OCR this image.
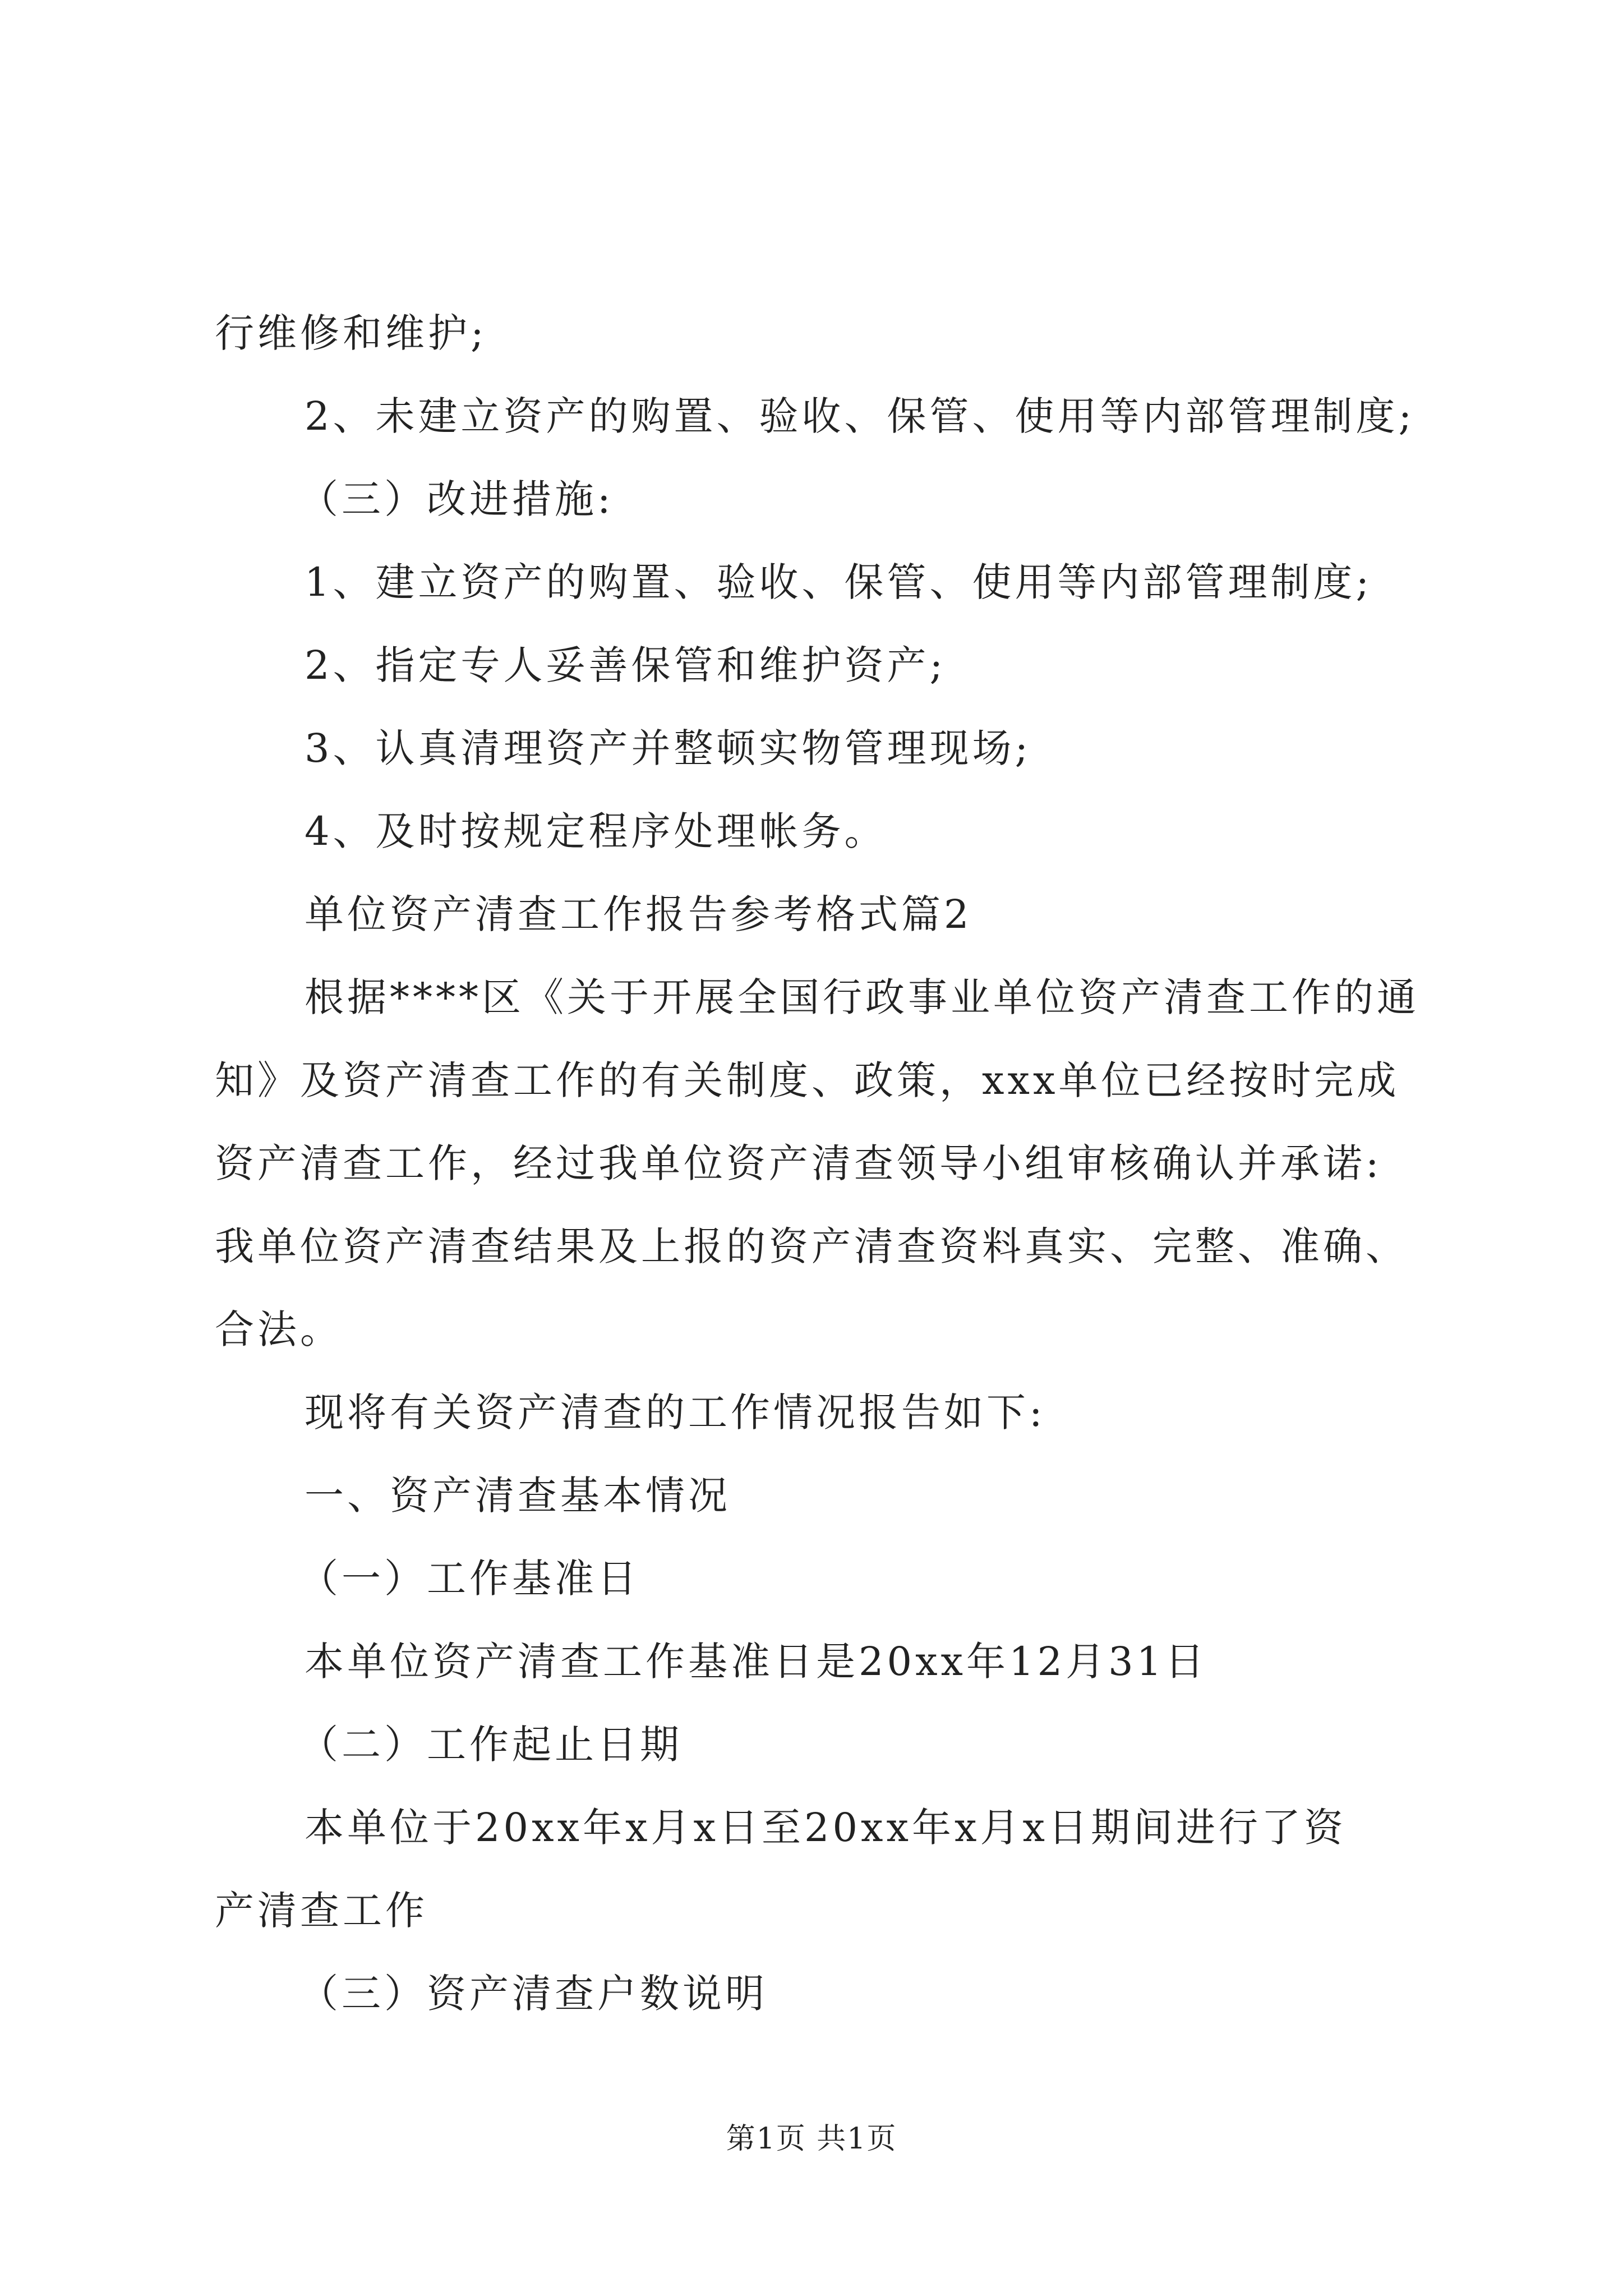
行维修和维护;
2、未建立资产的购置、验收、保管、使用等内部管理制度;
（三）改进措施:
1、建立资产的购置、验收、保管、使用等内部管理制度;
2、指定专人妥善保管和维护资产;
3、认真清理资产并整顿实物管理现场;
4、及时按规定程序处理帐务。
单位资产清查工作报告参考格式篇2
根据****区《关于开展全国行政事业单位资产清查工作的通
知》及资产清查工作的有关制度、政策，xxx单位已经按时完成
资产清查工作，经过我单位资产清查领导小组审核确认并承诺:
我单位资产清查结果及上报的资产清查资料真实、完整、准确、
合法。
现将有关资产清查的工作情况报告如下:
一、资产清查基本情况
（一）工作基准日
本单位资产清查工作基准日是20xx年12月31日
（二）工作起止日期
本单位于20xx年x月x日至20xx年x月x日期间进行了资
产清查工作
（三）资产清查户数说明
第1页 共1页
